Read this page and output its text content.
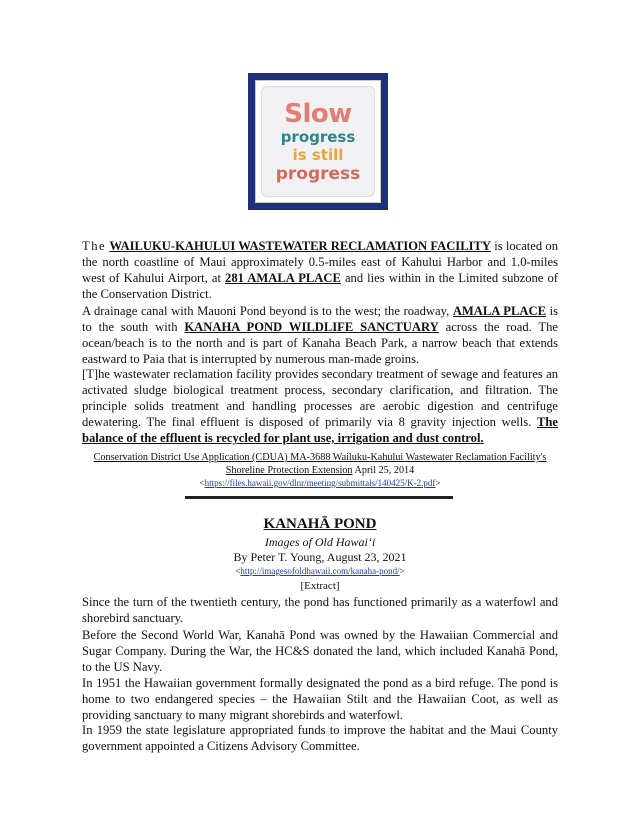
Slow
progress
is still
progress

The WAILUKU-KAHULUI WASTEWATER RECLAMATION FACILITY is located on the north coastline of Maui approximately 0.5-miles east of Kahului Harbor and 1.0-miles west of Kahului Airport, at 281 AMALA PLACE and lies within in the Limited subzone of the Conservation District.

A drainage canal with Mauoni Pond beyond is to the west; the roadway, AMALA PLACE is to the south with KANAHA POND WILDLIFE SANCTUARY across the road. The ocean/beach is to the north and is part of Kanaha Beach Park, a narrow beach that extends eastward to Paia that is interrupted by numerous man-made groins.

[T]he wastewater reclamation facility provides secondary treatment of sewage and features an activated sludge biological treatment process, secondary clarification, and filtration. The principle solids treatment and handling processes are aerobic digestion and centrifuge dewatering. The final effluent is disposed of primarily via 8 gravity injection wells. The balance of the effluent is recycled for plant use, irrigation and dust control.

Conservation District Use Application (CDUA) MA-3688 Wailuku-Kahului Wastewater Reclamation Facility's
Shoreline Protection Extension April 25, 2014
<https://files.hawaii.gov/dlnr/meeting/submittals/140425/K-2.pdf>
KANAHĀ POND
Images of Old Hawai‘i
By Peter T. Young, August 23, 2021
<http://imagesofoldhawaii.com/kanaha-pond/>
[Extract]

Since the turn of the twentieth century, the pond has functioned primarily as a waterfowl and shorebird sanctuary.

Before the Second World War, Kanahā Pond was owned by the Hawaiian Commercial and Sugar Company. During the War, the HC&S donated the land, which included Kanahā Pond, to the US Navy.

In 1951 the Hawaiian government formally designated the pond as a bird refuge. The pond is home to two endangered species – the Hawaiian Stilt and the Hawaiian Coot, as well as providing sanctuary to many migrant shorebirds and waterfowl.

In 1959 the state legislature appropriated funds to improve the habitat and the Maui County government appointed a Citizens Advisory Committee.
